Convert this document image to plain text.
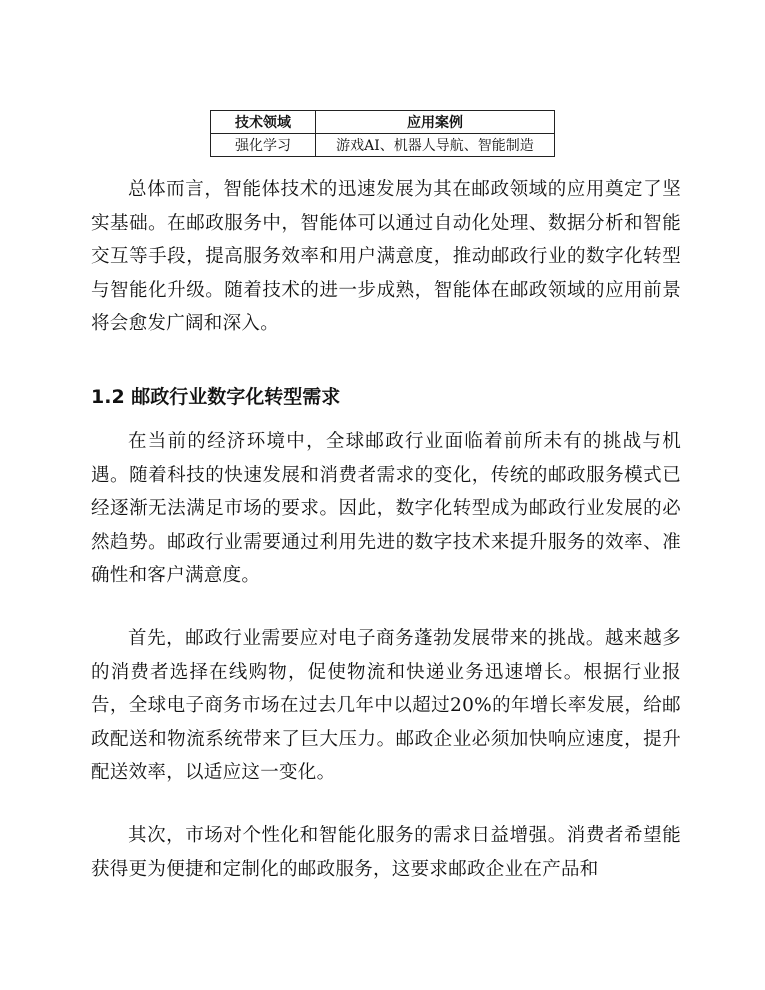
技术领域	应用案例
强化学习	游戏AI、机器人导航、智能制造

总体而言，智能体技术的迅速发展为其在邮政领域的应用奠定了坚实基础。在邮政服务中，智能体可以通过自动化处理、数据分析和智能交互等手段，提高服务效率和用户满意度，推动邮政行业的数字化转型与智能化升级。随着技术的进一步成熟，智能体在邮政领域的应用前景将会愈发广阔和深入。

1.2 邮政行业数字化转型需求

在当前的经济环境中，全球邮政行业面临着前所未有的挑战与机遇。随着科技的快速发展和消费者需求的变化，传统的邮政服务模式已经逐渐无法满足市场的要求。因此，数字化转型成为邮政行业发展的必然趋势。邮政行业需要通过利用先进的数字技术来提升服务的效率、准确性和客户满意度。

首先，邮政行业需要应对电子商务蓬勃发展带来的挑战。越来越多的消费者选择在线购物，促使物流和快递业务迅速增长。根据行业报告，全球电子商务市场在过去几年中以超过20%的年增长率发展，给邮政配送和物流系统带来了巨大压力。邮政企业必须加快响应速度，提升配送效率，以适应这一变化。

其次，市场对个性化和智能化服务的需求日益增强。消费者希望能获得更为便捷和定制化的邮政服务，这要求邮政企业在产品和
